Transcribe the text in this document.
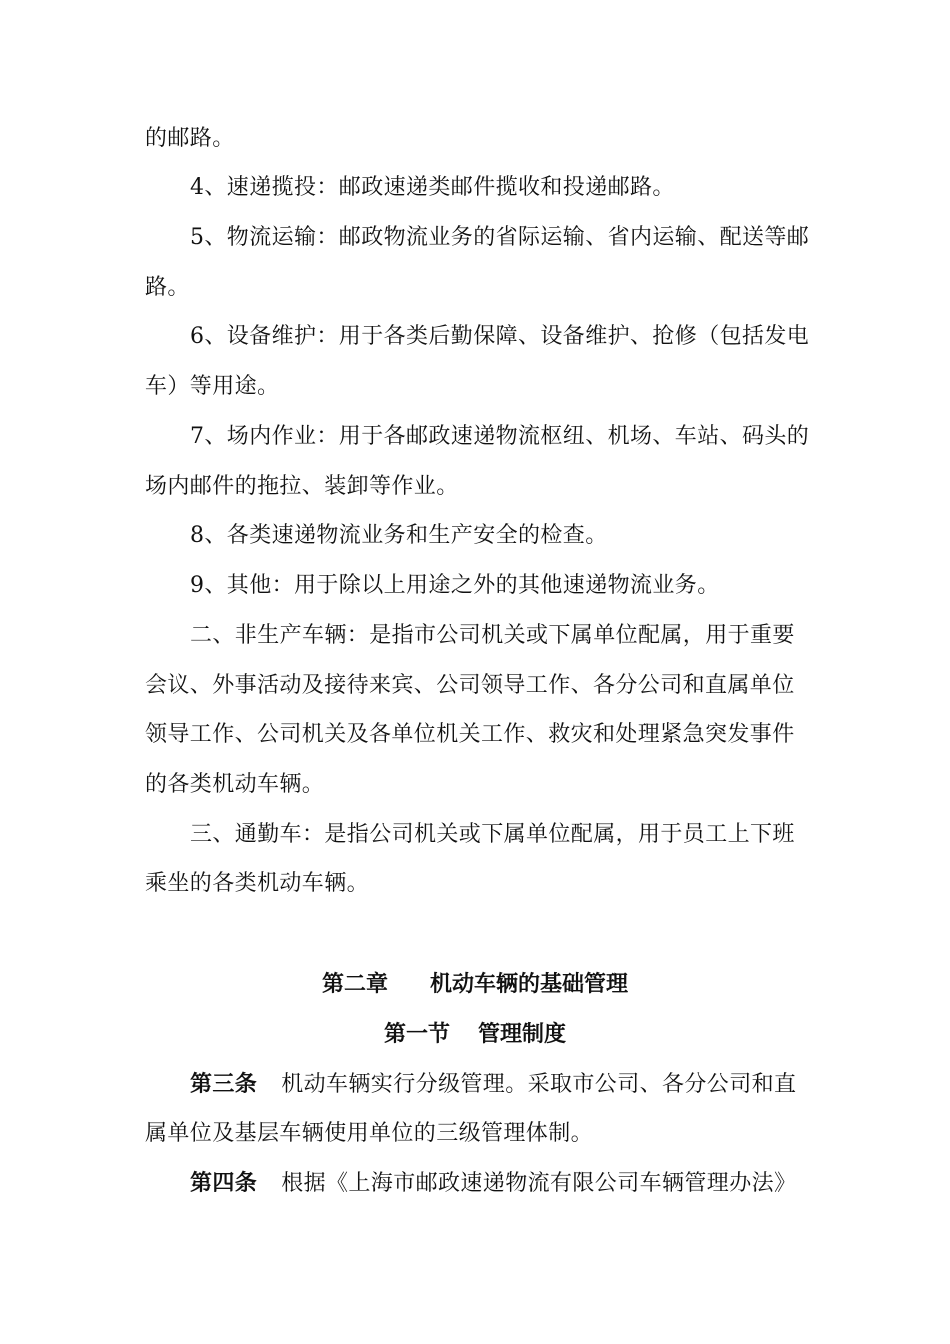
的邮路。
4、速递揽投：邮政速递类邮件揽收和投递邮路。
5、物流运输：邮政物流业务的省际运输、省内运输、配送等邮
路。
6、设备维护：用于各类后勤保障、设备维护、抢修（包括发电
车）等用途。
7、场内作业：用于各邮政速递物流枢纽、机场、车站、码头的
场内邮件的拖拉、装卸等作业。
8、各类速递物流业务和生产安全的检查。
9、其他：用于除以上用途之外的其他速递物流业务。
二、非生产车辆：是指市公司机关或下属单位配属，用于重要
会议、外事活动及接待来宾、公司领导工作、各分公司和直属单位
领导工作、公司机关及各单位机关工作、救灾和处理紧急突发事件
的各类机动车辆。
三、通勤车：是指公司机关或下属单位配属，用于员工上下班
乘坐的各类机动车辆。
第二章 机动车辆的基础管理
第一节 管理制度
第三条 机动车辆实行分级管理。采取市公司、各分公司和直
属单位及基层车辆使用单位的三级管理体制。
第四条 根据《上海市邮政速递物流有限公司车辆管理办法》
